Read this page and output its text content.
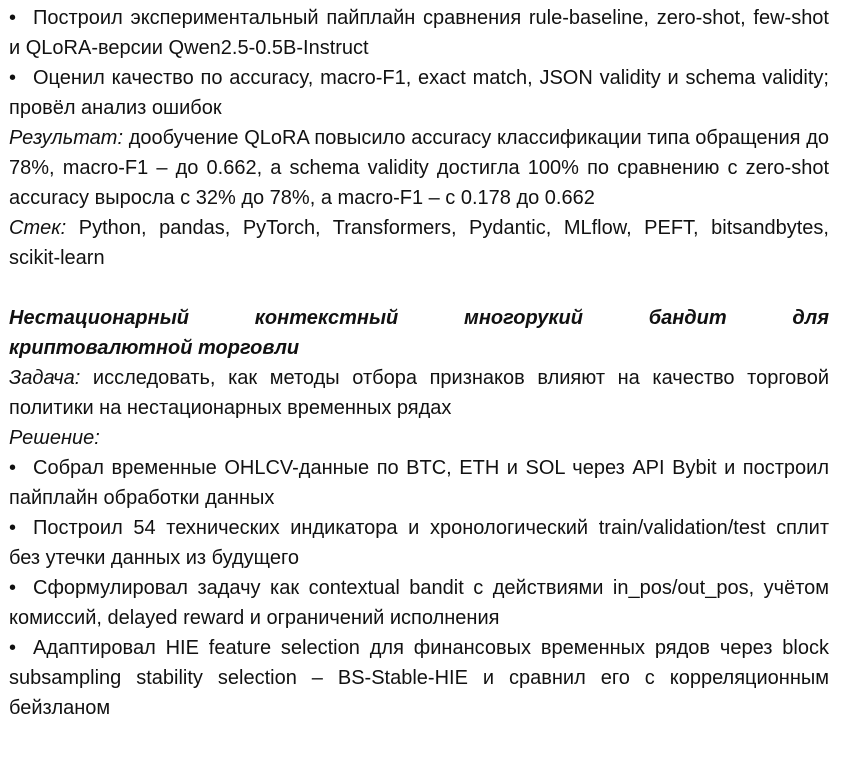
• Построил экспериментальный пайплайн сравнения rule-baseline, zero-shot, few-shot и QLoRA-версии Qwen2.5-0.5B-Instruct

• Оценил качество по accuracy, macro-F1, exact match, JSON validity и schema validity; провёл анализ ошибок

Результат: дообучение QLoRA повысило accuracy классификации типа обращения до 78%, macro-F1 – до 0.662, а schema validity достигла 100% по сравнению с zero-shot accuracy выросла с 32% до 78%, а macro-F1 – с 0.178 до 0.662

Стек: Python, pandas, PyTorch, Transformers, Pydantic, MLflow, PEFT, bitsandbytes, scikit-learn

Нестационарный контекстный многорукий бандит для

криптовалютной торговли

Задача: исследовать, как методы отбора признаков влияют на качество торговой политики на нестационарных временных рядах

Решение:

• Собрал временные OHLCV-данные по BTC, ETH и SOL через API Bybit и построил пайплайн обработки данных

• Построил 54 технических индикатора и хронологический train/validation/test сплит без утечки данных из будущего

• Сформулировал задачу как contextual bandit с действиями in_pos/out_pos, учётом комиссий, delayed reward и ограничений исполнения

• Адаптировал HIE feature selection для финансовых временных рядов через block subsampling stability selection – BS-Stable-HIE и сравнил его с корреляционным бейзланом
